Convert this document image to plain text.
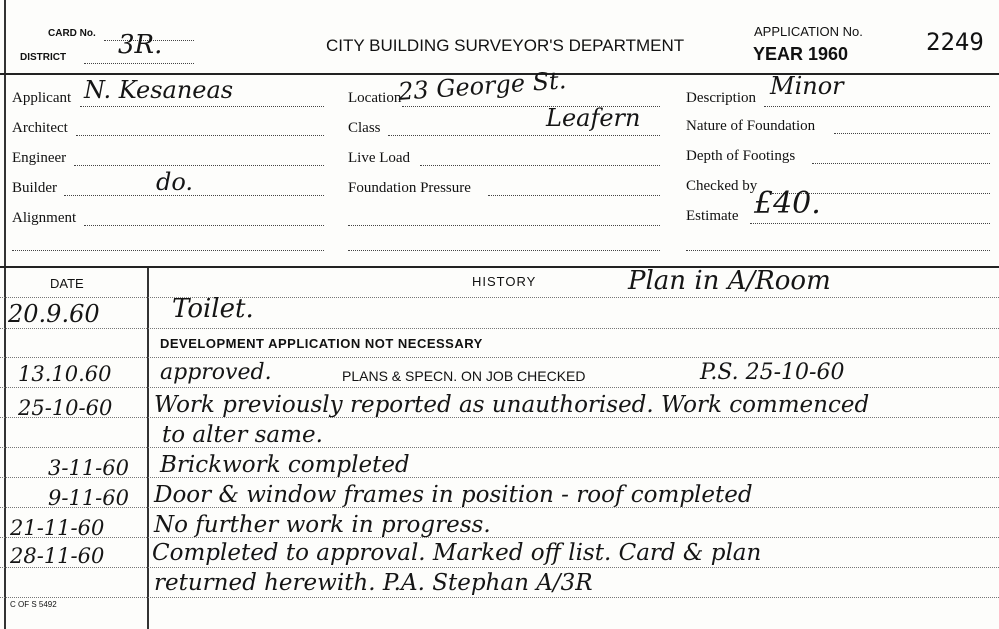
CARD No.
DISTRICT 3R.	CITY BUILDING SURVEYOR'S DEPARTMENT
APPLICATION No.
YEAR 1960	2249
Applicant N. Kesaneas
Architect
Engineer
Builder	do.
Alignment
Location
23 George St.
Leafern
Class
Live Load
Foundation Pressure
Description Minor
Nature of Foundation
Depth of Footings
Checked by
Estimate £40.
DATE	HISTORY	Plan in A/Room
20.9.60	Toilet.
DEVELOPMENT APPLICATION NOT NECESSARY
13.10.60 approved.	PLANS & SPECN. ON JOB CHECKED	P.S. 25-10-60
25-10-60 Work previously reported as unauthorised. Work commenced
to alter same.
3-11-60 Brickwork completed
9-11-60 Door & window frames in position - roof completed
21-11-60 No further work in progress.
28-11-60 Completed to approval. Marked off list. Card & plan
returned herewith. P.A. Stephan A/3R
C OF S 5492
